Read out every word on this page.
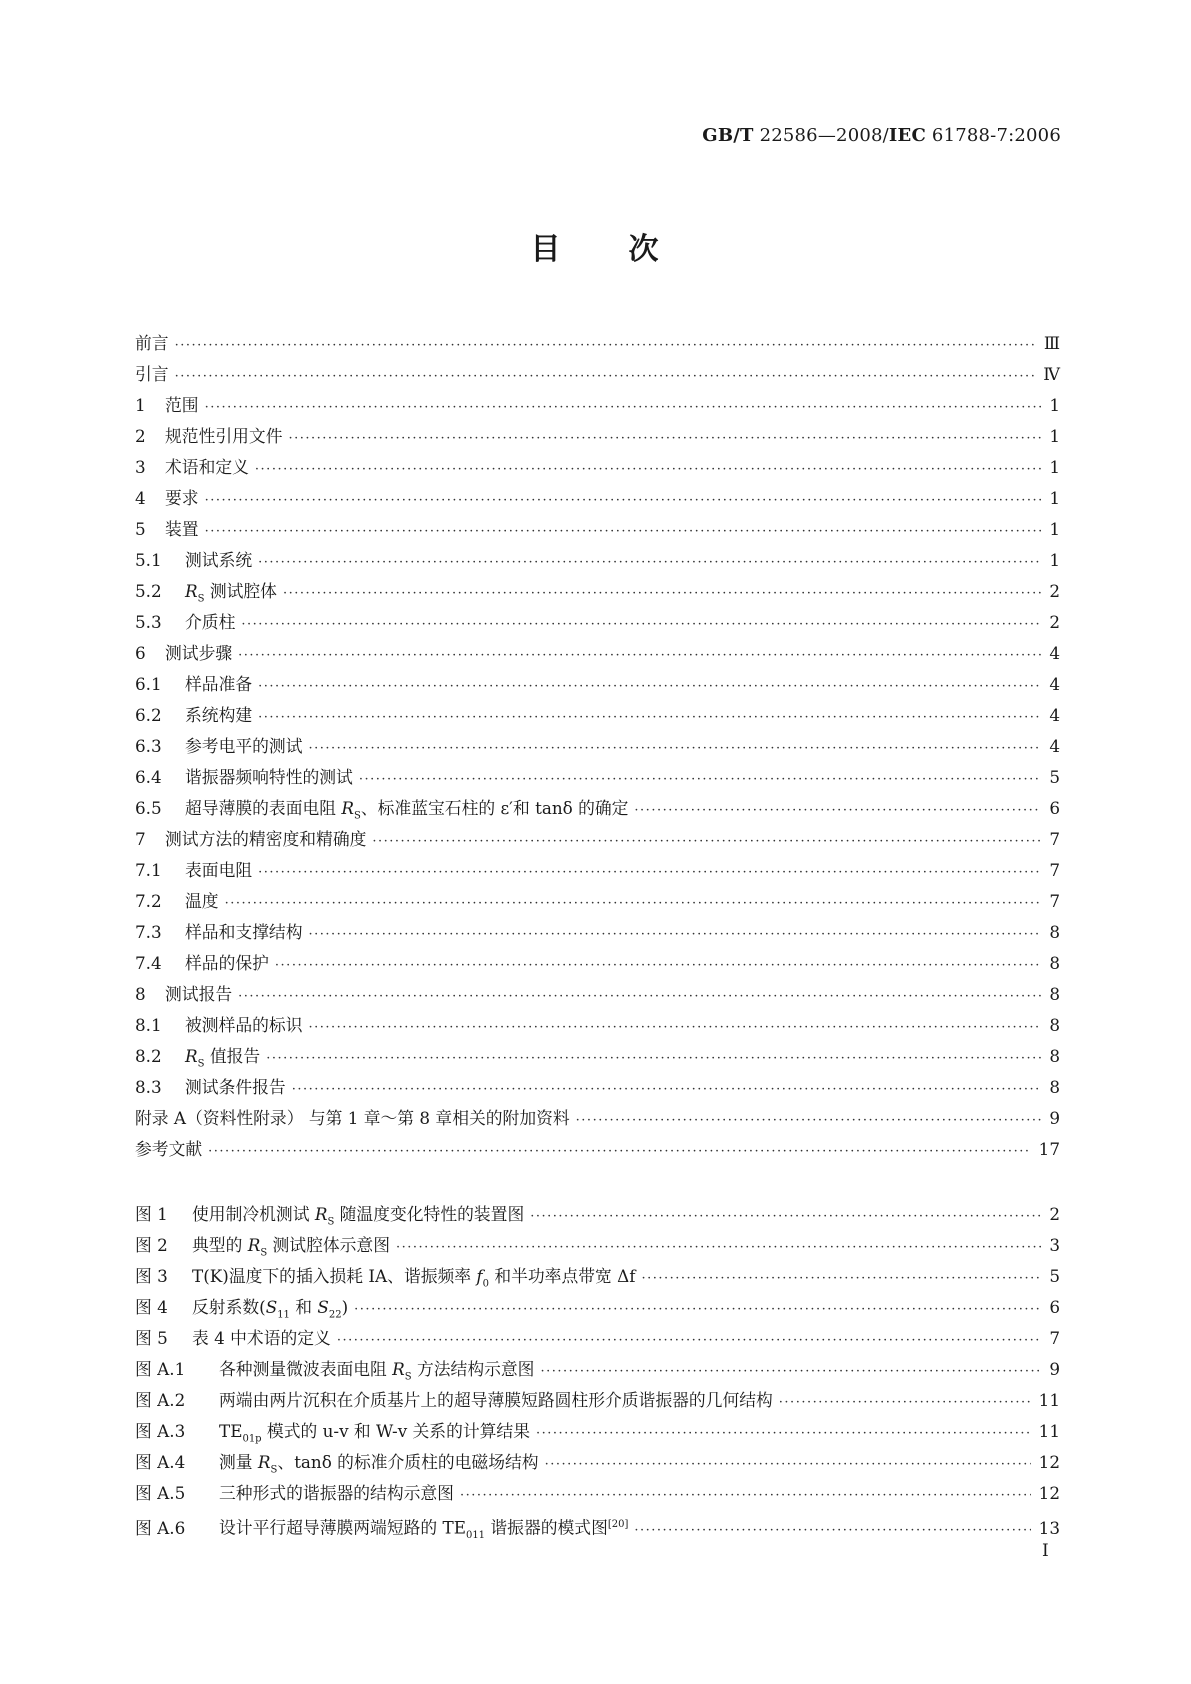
GB/T 22586—2008/IEC 61788-7:2006
目 次
前言 ·····	Ⅲ
引言 ·····	Ⅳ
1	范围 ·····	1
2	规范性引用文件 ·····	1
3	术语和定义 ·····	1
4	要求 ·····	1
5	装置 ·····	1
5.1	测试系统 ·····	1
5.2	$R_S$ 测试腔体 ·····	2
5.3	介质柱 ·····	2
6	测试步骤 ·····	4
6.1	样品准备 ·····	4
6.2	系统构建 ·····	4
6.3	参考电平的测试 ·····	4
6.4	谐振器频响特性的测试 ·····	5
6.5	超导薄膜的表面电阻 $R_S$、标准蓝宝石柱的 ε′和 tanδ 的确定 ·····	6
7	测试方法的精密度和精确度 ·····	7
7.1	表面电阻 ·····	7
7.2	温度 ·····	7
7.3	样品和支撑结构 ·····	8
7.4	样品的保护 ·····	8
8	测试报告 ·····	8
8.1	被测样品的标识 ·····	8
8.2	$R_S$ 值报告 ·····	8
8.3	测试条件报告 ·····	8
附录 A（资料性附录） 与第 1 章～第 8 章相关的附加资料 ·····	9
参考文献 ·····	17
图 1	使用制冷机测试 $R_S$ 随温度变化特性的装置图 ·····	2
图 2	典型的 $R_S$ 测试腔体示意图 ·····	3
图 3	T(K)温度下的插入损耗 IA、谐振频率 $f_0$ 和半功率点带宽 Δf ·····	5
图 4	反射系数($S_{11}$ 和 $S_{22}$) ·····	6
图 5	表 4 中术语的定义 ·····	7
图 A.1	各种测量微波表面电阻 $R_S$ 方法结构示意图 ·····	9
图 A.2	两端由两片沉积在介质基片上的超导薄膜短路圆柱形介质谐振器的几何结构 ·····	11
图 A.3	$TE_{01p}$ 模式的 u-v 和 W-v 关系的计算结果 ·····	11
图 A.4	测量 $R_S$、tanδ 的标准介质柱的电磁场结构 ·····	12
图 A.5	三种形式的谐振器的结构示意图 ·····	12
图 A.6	设计平行超导薄膜两端短路的 $TE_{011}$ 谐振器的模式图[20] ·····	13
I
